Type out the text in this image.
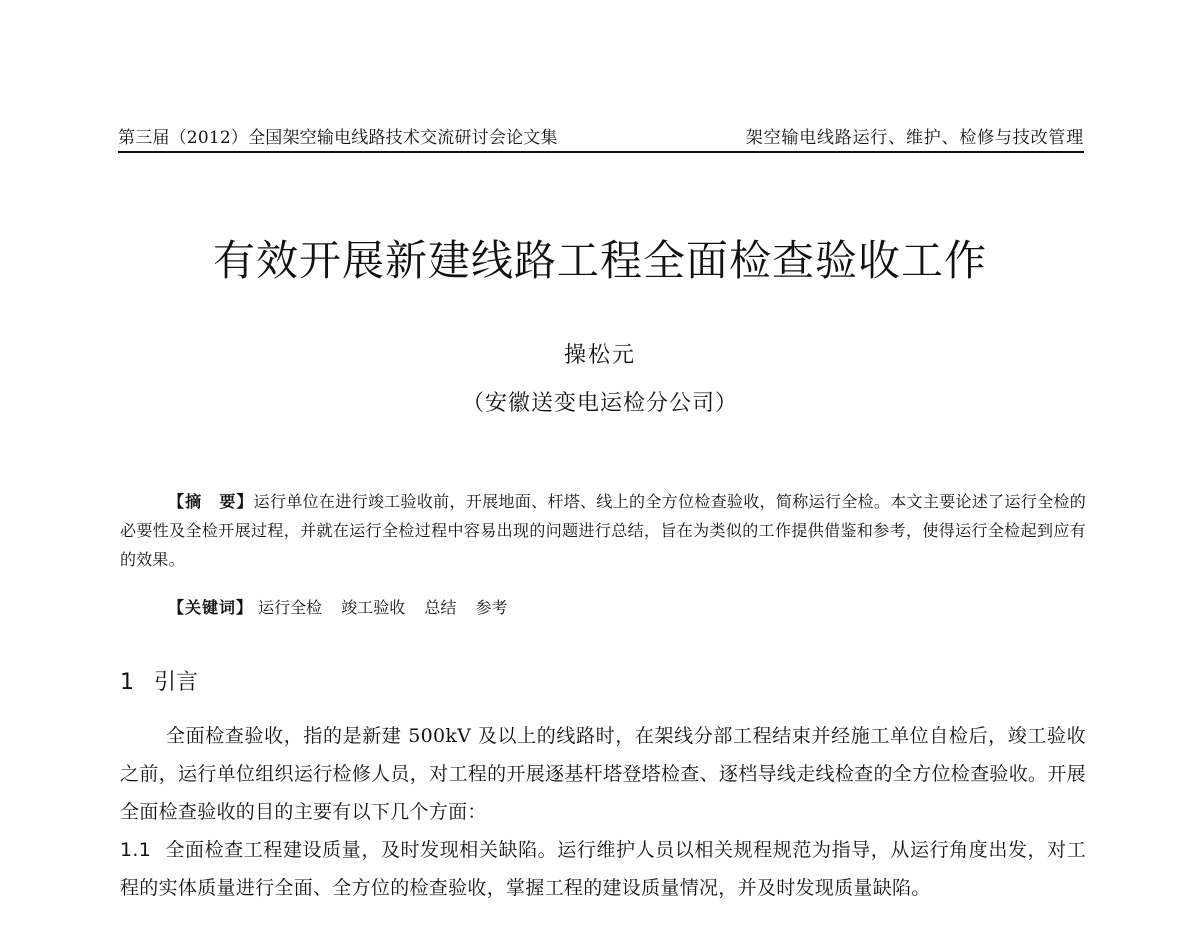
第三届（2012）全国架空输电线路技术交流研讨会论文集	架空输电线路运行、维护、检修与技改管理
有效开展新建线路工程全面检查验收工作
操松元
（安徽送变电运检分公司）
【摘　要】运行单位在进行竣工验收前，开展地面、杆塔、线上的全方位检查验收，简称运行全检。本文主要论述了运行全检的必要性及全检开展过程，并就在运行全检过程中容易出现的问题进行总结，旨在为类似的工作提供借鉴和参考，使得运行全检起到应有的效果。
【关键词】 运行全检 竣工验收 总结 参考
1 引言
全面检查验收，指的是新建 500kV 及以上的线路时，在架线分部工程结束并经施工单位自检后，竣工验收之前，运行单位组织运行检修人员，对工程的开展逐基杆塔登塔检查、逐档导线走线检查的全方位检查验收。开展全面检查验收的目的主要有以下几个方面：
1.1 全面检查工程建设质量，及时发现相关缺陷。运行维护人员以相关规程规范为指导，从运行角度出发，对工程的实体质量进行全面、全方位的检查验收，掌握工程的建设质量情况，并及时发现质量缺陷。
